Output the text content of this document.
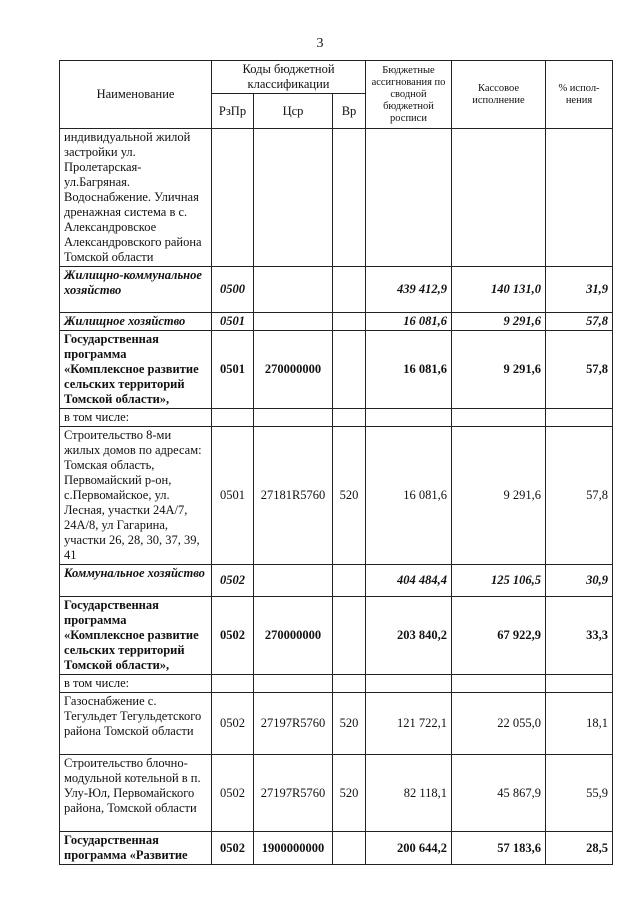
3
Наименование	Коды бюджетной классификации			Бюджетные ассигнования по сводной бюджетной росписи	Кассовое исполнение	% испол-нения
	РзПр	Цср	Вр			
индивидуальной жилой застройки ул. Пролетарская-ул.Багряная. Водоснабжение. Уличная дренажная система в с. Александровское Александровского района Томской области						
Жилищно-коммунальное хозяйство	0500			439 412,9	140 131,0	31,9
Жилищное хозяйство	0501			16 081,6	9 291,6	57,8
Государственная программа «Комплексное развитие сельских территорий Томской области»,	0501	270000000		16 081,6	9 291,6	57,8
в том числе:						
Строительство 8-ми жилых домов по адресам: Томская область, Первомайский р-он, с.Первомайское, ул. Лесная, участки 24А/7, 24А/8, ул Гагарина, участки 26, 28, 30, 37, 39, 41	0501	27181R5760	520	16 081,6	9 291,6	57,8
Коммунальное хозяйство	0502			404 484,4	125 106,5	30,9
Государственная программа «Комплексное развитие сельских территорий Томской области»,	0502	270000000		203 840,2	67 922,9	33,3
в том числе:						
Газоснабжение с. Тегульдет Тегульдетского района Томской области	0502	27197R5760	520	121 722,1	22 055,0	18,1
Строительство блочно-модульной котельной в п. Улу-Юл, Первомайского района, Томской области	0502	27197R5760	520	82 118,1	45 867,9	55,9
Государственная программа «Развитие	0502	1900000000		200 644,2	57 183,6	28,5
